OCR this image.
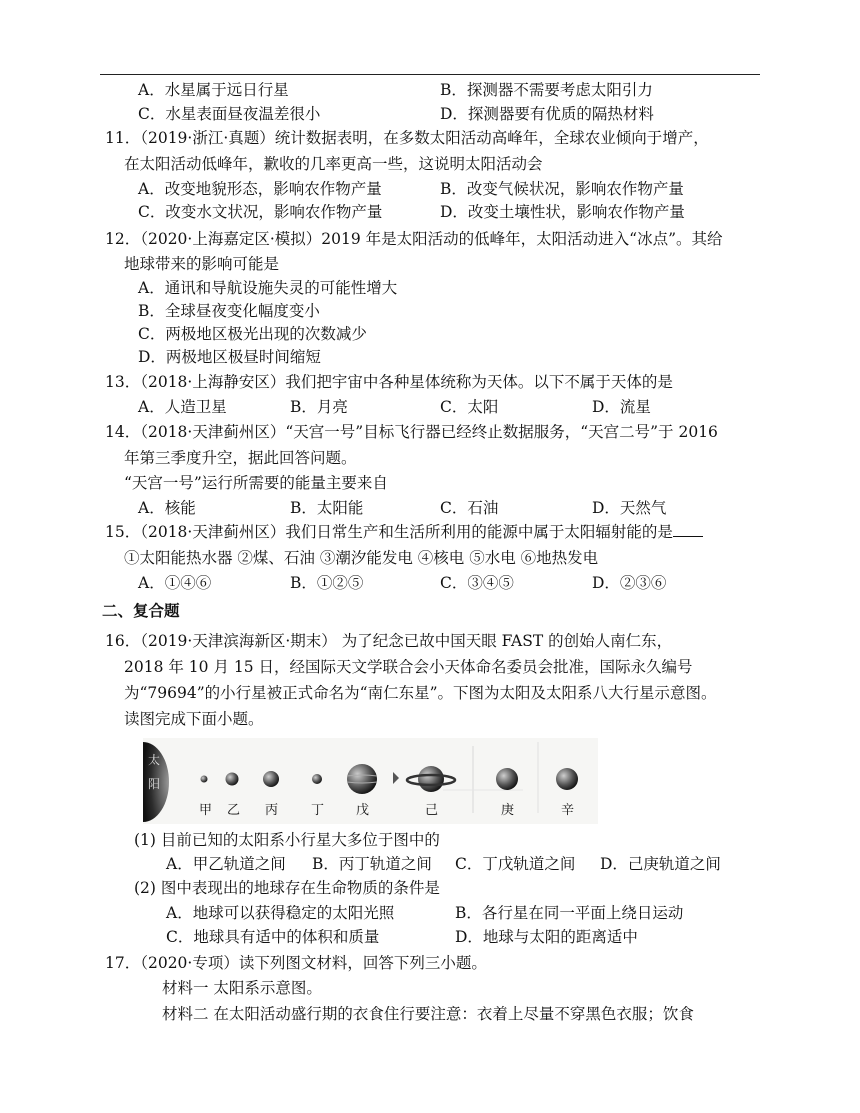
A．水星属于远日行星	B．探测器不需要考虑太阳引力
C．水星表面昼夜温差很小	D．探测器要有优质的隔热材料
11．（2019·浙江·真题）统计数据表明，在多数太阳活动高峰年，全球农业倾向于增产，
在太阳活动低峰年，歉收的几率更高一些，这说明太阳活动会
A．改变地貌形态，影响农作物产量	B．改变气候状况，影响农作物产量
C．改变水文状况，影响农作物产量	D．改变土壤性状，影响农作物产量
12．（2020·上海嘉定区·模拟）2019 年是太阳活动的低峰年，太阳活动进入“冰点”。其给
地球带来的影响可能是
A．通讯和导航设施失灵的可能性增大
B．全球昼夜变化幅度变小
C．两极地区极光出现的次数减少
D．两极地区极昼时间缩短
13．（2018·上海静安区）我们把宇宙中各种星体统称为天体。以下不属于天体的是
A．人造卫星	B．月亮	C．太阳	D．流星
14．（2018·天津蓟州区）“天宫一号”目标飞行器已经终止数据服务，“天宫二号”于 2016
年第三季度升空，据此回答问题。
“天宫一号”运行所需要的能量主要来自
A．核能	B．太阳能	C．石油	D．天然气
15．（2018·天津蓟州区）我们日常生产和生活所利用的能源中属于太阳辐射能的是
①太阳能热水器 ②煤、石油 ③潮汐能发电 ④核电 ⑤水电 ⑥地热发电
A．①④⑥	B．①②⑤	C．③④⑤	D．②③⑥
二、复合题
16．（2019·天津滨海新区·期末） 为了纪念已故中国天眼 FAST 的创始人南仁东，
2018 年 10 月 15 日，经国际天文学联合会小天体命名委员会批准，国际永久编号
为“79694”的小行星被正式命名为“南仁东星”。下图为太阳及太阳系八大行星示意图。
读图完成下面小题。
太
阳
甲 乙 丙	丁 戊	己	庚	辛
(1) 目前已知的太阳系小行星大多位于图中的
A．甲乙轨道之间 B．丙丁轨道之间 C．丁戊轨道之间 D．己庚轨道之间
(2) 图中表现出的地球存在生命物质的条件是
A．地球可以获得稳定的太阳光照	B．各行星在同一平面上绕日运动
C．地球具有适中的体积和质量	D．地球与太阳的距离适中
17．（2020·专项）读下列图文材料，回答下列三小题。
材料一 太阳系示意图。
材料二 在太阳活动盛行期的衣食住行要注意：衣着上尽量不穿黑色衣服；饮食
